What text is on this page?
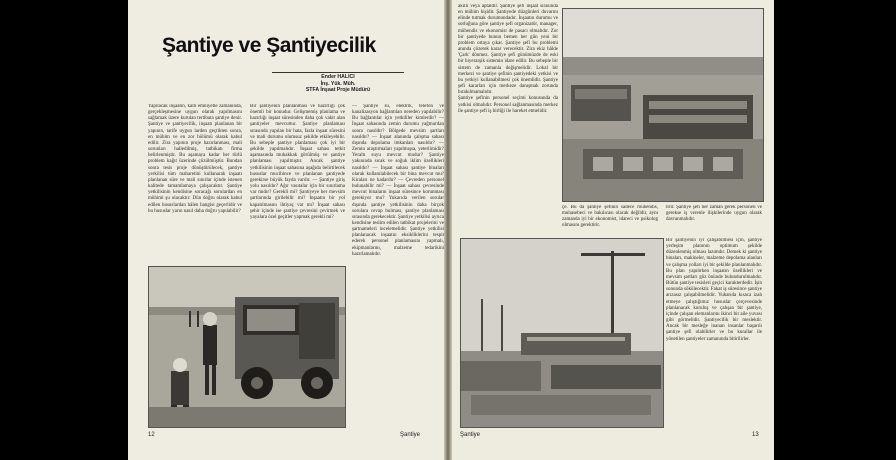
Şantiye ve Şantiyecilik
Ender HALICI
İnş. Yük. Müh.
STFA İnşaat Proje Müdürü

Yapılacak inşaatın, kalli emniyetle zamanında, gerçekleşmesine uygun olarak yapılmasını sağlamak üzere kurulan tertibata şantiye denir. Şantiye ve şantiyecilik, inşaatı planlanan bir yapının, tarife uygun larden geçtikten sonra, en mühim ve en zor bölümü olarak kabul edilir. Zira yapının proje hazırlanması, mali sorunları halledilmiş, tatbikatı firma belirlenmiştir. Bu aşamaya kadar her türlü problem kağıt üzerinde çözülmüştür. Bundan sonra tesis proje dönüştürülecek, şantiye yerkilisi tüm maharetini kullanarak inşaatı planlanan süre ve mali sınırlar içinde istenen kalitede tamamlamaya çalışacaktır. Şantiye yetkilisinin kendisine soracağı sorulardan en mühimi şu olacaktır: Dün doğru olarak kabul edilen hususlardan hâlen hangisi geçerlidir ve bu hususlar yarın nasıl daha doğru yapılabilir?

Bir şantiyenin planlanması ve hazırlığı çok önemli bir konudur. Gelişmemiş planlama ve hazırlığı inşaat süresinden daha çok vakit alan şantiyeler mevcuttur. Şantiye planlaması sırasında yapılan bir hata, fazla inşaat süresini ve mali durumu olumsuz şekilde etkileyebilir. Bu sebeple şantiye planlaması çok iyi bir şekilde yapılmalıdır. İnşaat sahası tetkit aşamasında muhakkak görülmüş ve şantiye planlaması yapılmıştır. Ancak şantiye yetkilisinin inşaat sahasına aşağıda belirtilecek hususlar mucibince ve planlanan şantiyede gerekirse büyük fayda vardır. — Şantiye giriş yolu nasıldır? Ağır vasıtalar için bir sınırlama var mıdır? Gerekli mi? Şantiyeye her mevsim şartlarında girilebilir mi? İnşaatın bir yol kapatılmasını ihtiyaç var mı? İnşaat sahası şehir içinde ise şantiye çevresini çevirmek ve yayalara özel geçitler yapmak gerekli mi?

— Şantiye su, elektrik, telefon ve kanalizasyon bağlantıları nereden yapılabilir? Bu bağlantılar için yetkililer kimlerdir? — İnşaat sahasında zemin durumu yağmurdan sonra nasıldır? Bölgede mevsim şartları nasıldır? — İnşaat alanında çalışma sahası dışında depolama imkanları nasıldır? — Zemin araştırmaları yapılmışsa, yeterlimidir? Yeraltı suyu mevcut mudur? Şantiye yakınında sıcak ve soğuk iklim özellikleri nasıldır? — İnşaat sahası şantiye binaları olarak kullanılabilecek bir bina mevcut mu? Kiraları ne kadardır? — Çevreden personel bulunabilir mi? — İnşaat sahası çevresinde mevcut binaların inşaat süresince korunması gerekiyor mu? Yukarıda verilen sorular dışında şantiye yetkilisinin daha birçok sorulara cevap bulması, şantiye planlaması sırasında gerekecektir. Şantiye yetkilisi ayrıca kendisine teslim edilen tatbikat projelerini ve şartnameleri incelemelidir. Şantiye yetkilisi planlanacak inşaatın eksikliklerini tespit ederek personel planlamasını yapmalı, ekipmanlarını, malzeme tedarikini hazırlamalıdır.

12	Şantiye

akıllı veya aptaldır. Şantiye şefi inşaat sırasında en mühim kişidir. Şantiyede düzgünleri duvarını elinde tutmak durumundadır. İnşaatın durumu ve sorluğuna göre şantiye şefi organizatör, manager, mühendis ve ekonomist de pasacı olmalıdır. Zor bir şantiyede bunun bemen her gün yeni bir problem ortaya çıkar. Şantiye şefi bu problemi anında çözerek karar verecektir. Zira ekiz hâlde 'Çark' dönmez. Şantiye şefi günümüzde de eski bir hiyerarşik sistemin idare edilir. Bu sebeple bir sistem de zamanla değişmelidir. Lokal bir merkezi ve şantiye şefinin şantiyedeki yetkisi ve bu yetkiyi kullanabilmesi çok önemlidir. Şantiye şefi kararları için merkeze danışmak zorunda bırakılmamalıdır.

Şantiye şefinin personel seçimi konusunda da yetkisi olmalıdır. Personel sağlanmasında merkez ile şantiye şefi iş birliği ile hareket etmelidir.

çe. Bu da şantiye şefinin sadece mühendis, muhasebeci ve bakılıcası olacak değildir, aynı zamanda iyi bir ekonomist, idareci ve psikolog olmasını gerektirir.

tirir. Şantiye şefi her zaman gerek personeli ve gerekse iş verenle ilişkilerinde uygun olarak davranmalıdır.

Bir şantiyenin iyi çalışabilmesi için, şantiye yerleşim planının optimum şekilde düzenlenmiş olması lazımdır. Demek ki şantiye binaları, makineler, malzeme depolama alanları ve çalışma yolları iyi bir şekilde planlanmalıdır. Bu plan yapılırken inşaatın özellikleri ve mevsim şartları göz önünde bulundurulmalıdır. Bütün şantiye tesisleri geçici karakterdedir. İşin sonunda sökülecektir. Fakat iş süresince şantiye arızasız çalışabilmelidir. Yukarıda kısaca izah etmeye çalıştığımız hususlar çerçevesinde planlanacak kuruluş ve çalışan bir şantiye, içinde çalışan elemanlarını ikinci bir aile yuvası gibi görmelidir. Şantiyecilik bir meslektir. Ancak bir mesleğe inanan insanlar başarılı şantiye şefi olabilirler ve bu kurallar ile yönetilen şantiyeler zamanında bitirilirler.

Şantiye	13
